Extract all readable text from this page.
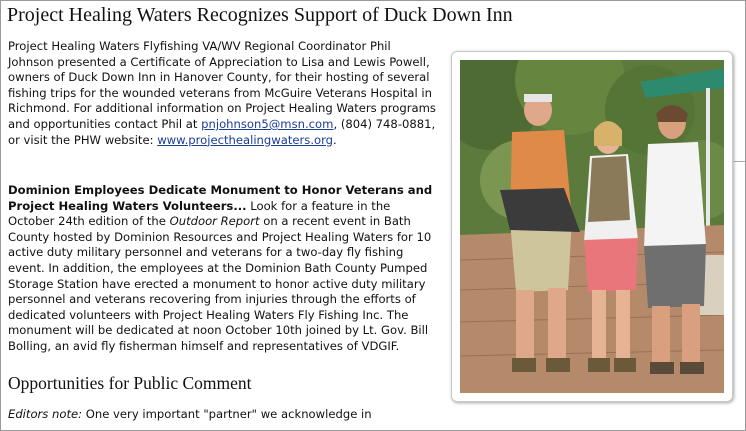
Project Healing Waters Recognizes Support of Duck Down Inn
Project Healing Waters Flyfishing VA/WV Regional Coordinator Phil Johnson presented a Certificate of Appreciation to Lisa and Lewis Powell, owners of Duck Down Inn in Hanover County, for their hosting of several fishing trips for the wounded veterans from McGuire Veterans Hospital in Richmond. For additional information on Project Healing Waters programs and opportunities contact Phil at pnjohnson5@msn.com, (804) 748-0881, or visit the PHW website: www.projecthealingwaters.org.
Dominion Employees Dedicate Monument to Honor Veterans and Project Healing Waters Volunteers... Look for a feature in the October 24th edition of the Outdoor Report on a recent event in Bath County hosted by Dominion Resources and Project Healing Waters for 10 active duty military personnel and veterans for a two-day fly fishing event. In addition, the employees at the Dominion Bath County Pumped Storage Station have erected a monument to honor active duty military personnel and veterans recovering from injuries through the efforts of dedicated volunteers with Project Healing Waters Fly Fishing Inc. The monument will be dedicated at noon October 10th joined by Lt. Gov. Bill Bolling, an avid fly fisherman himself and representatives of VDGIF.
Opportunities for Public Comment
Editors note: One very important "partner" we acknowledge in
